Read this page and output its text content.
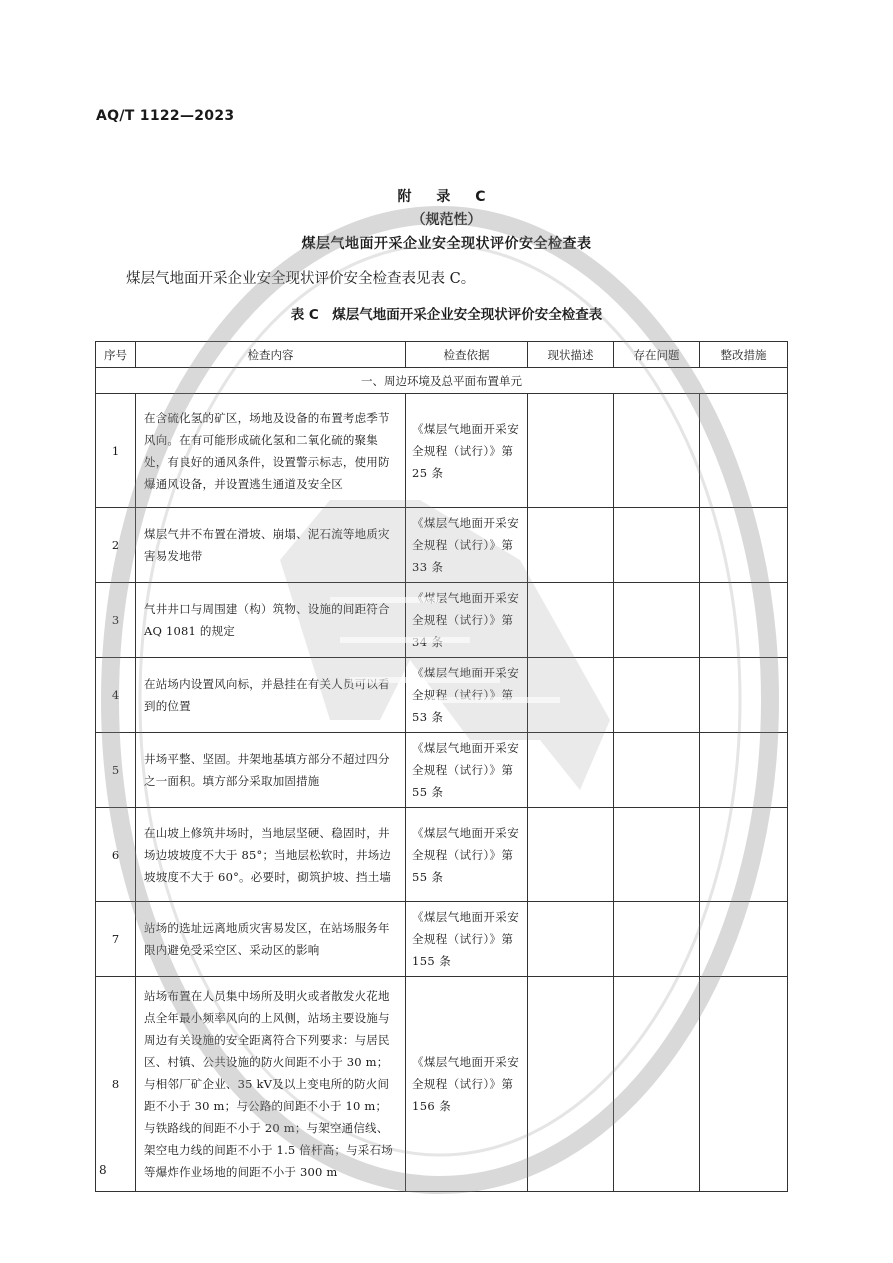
AQ/T 1122—2023
附 录 C
（规范性）
煤层气地面开采企业安全现状评价安全检查表
煤层气地面开采企业安全现状评价安全检查表见表 C。
表 C　煤层气地面开采企业安全现状评价安全检查表
序号	检查内容	检查依据	现状描述	存在问题	整改措施
一、周边环境及总平面布置单元					
1	在含硫化氢的矿区，场地及设备的布置考虑季节风向。在有可能形成硫化氢和二氧化硫的聚集处，有良好的通风条件，设置警示标志，使用防爆通风设备，并设置逃生通道及安全区	《煤层气地面开采安全规程（试行）》第 25 条			
2	煤层气井不布置在滑坡、崩塌、泥石流等地质灾害易发地带	《煤层气地面开采安全规程（试行）》第 33 条			
3	气井井口与周围建（构）筑物、设施的间距符合 AQ 1081 的规定	《煤层气地面开采安全规程（试行）》第 34 条			
4	在站场内设置风向标，并悬挂在有关人员可以看到的位置	《煤层气地面开采安全规程（试行）》第 53 条			
5	井场平整、坚固。井架地基填方部分不超过四分之一面积。填方部分采取加固措施	《煤层气地面开采安全规程（试行）》第 55 条			
6	在山坡上修筑井场时，当地层坚硬、稳固时，井场边坡坡度不大于 85°；当地层松软时，井场边坡坡度不大于 60°。必要时，砌筑护坡、挡土墙	《煤层气地面开采安全规程（试行）》第 55 条			
7	站场的选址远离地质灾害易发区，在站场服务年限内避免受采空区、采动区的影响	《煤层气地面开采安全规程（试行）》第 155 条			
8	站场布置在人员集中场所及明火或者散发火花地点全年最小频率风向的上风侧，站场主要设施与周边有关设施的安全距离符合下列要求：与居民区、村镇、公共设施的防火间距不小于 30 m；与相邻厂矿企业、35 kV及以上变电所的防火间距不小于 30 m；与公路的间距不小于 10 m；与铁路线的间距不小于 20 m；与架空通信线、架空电力线的间距不小于 1.5 倍杆高；与采石场等爆炸作业场地的间距不小于 300 m	《煤层气地面开采安全规程（试行）》第 156 条			
8
